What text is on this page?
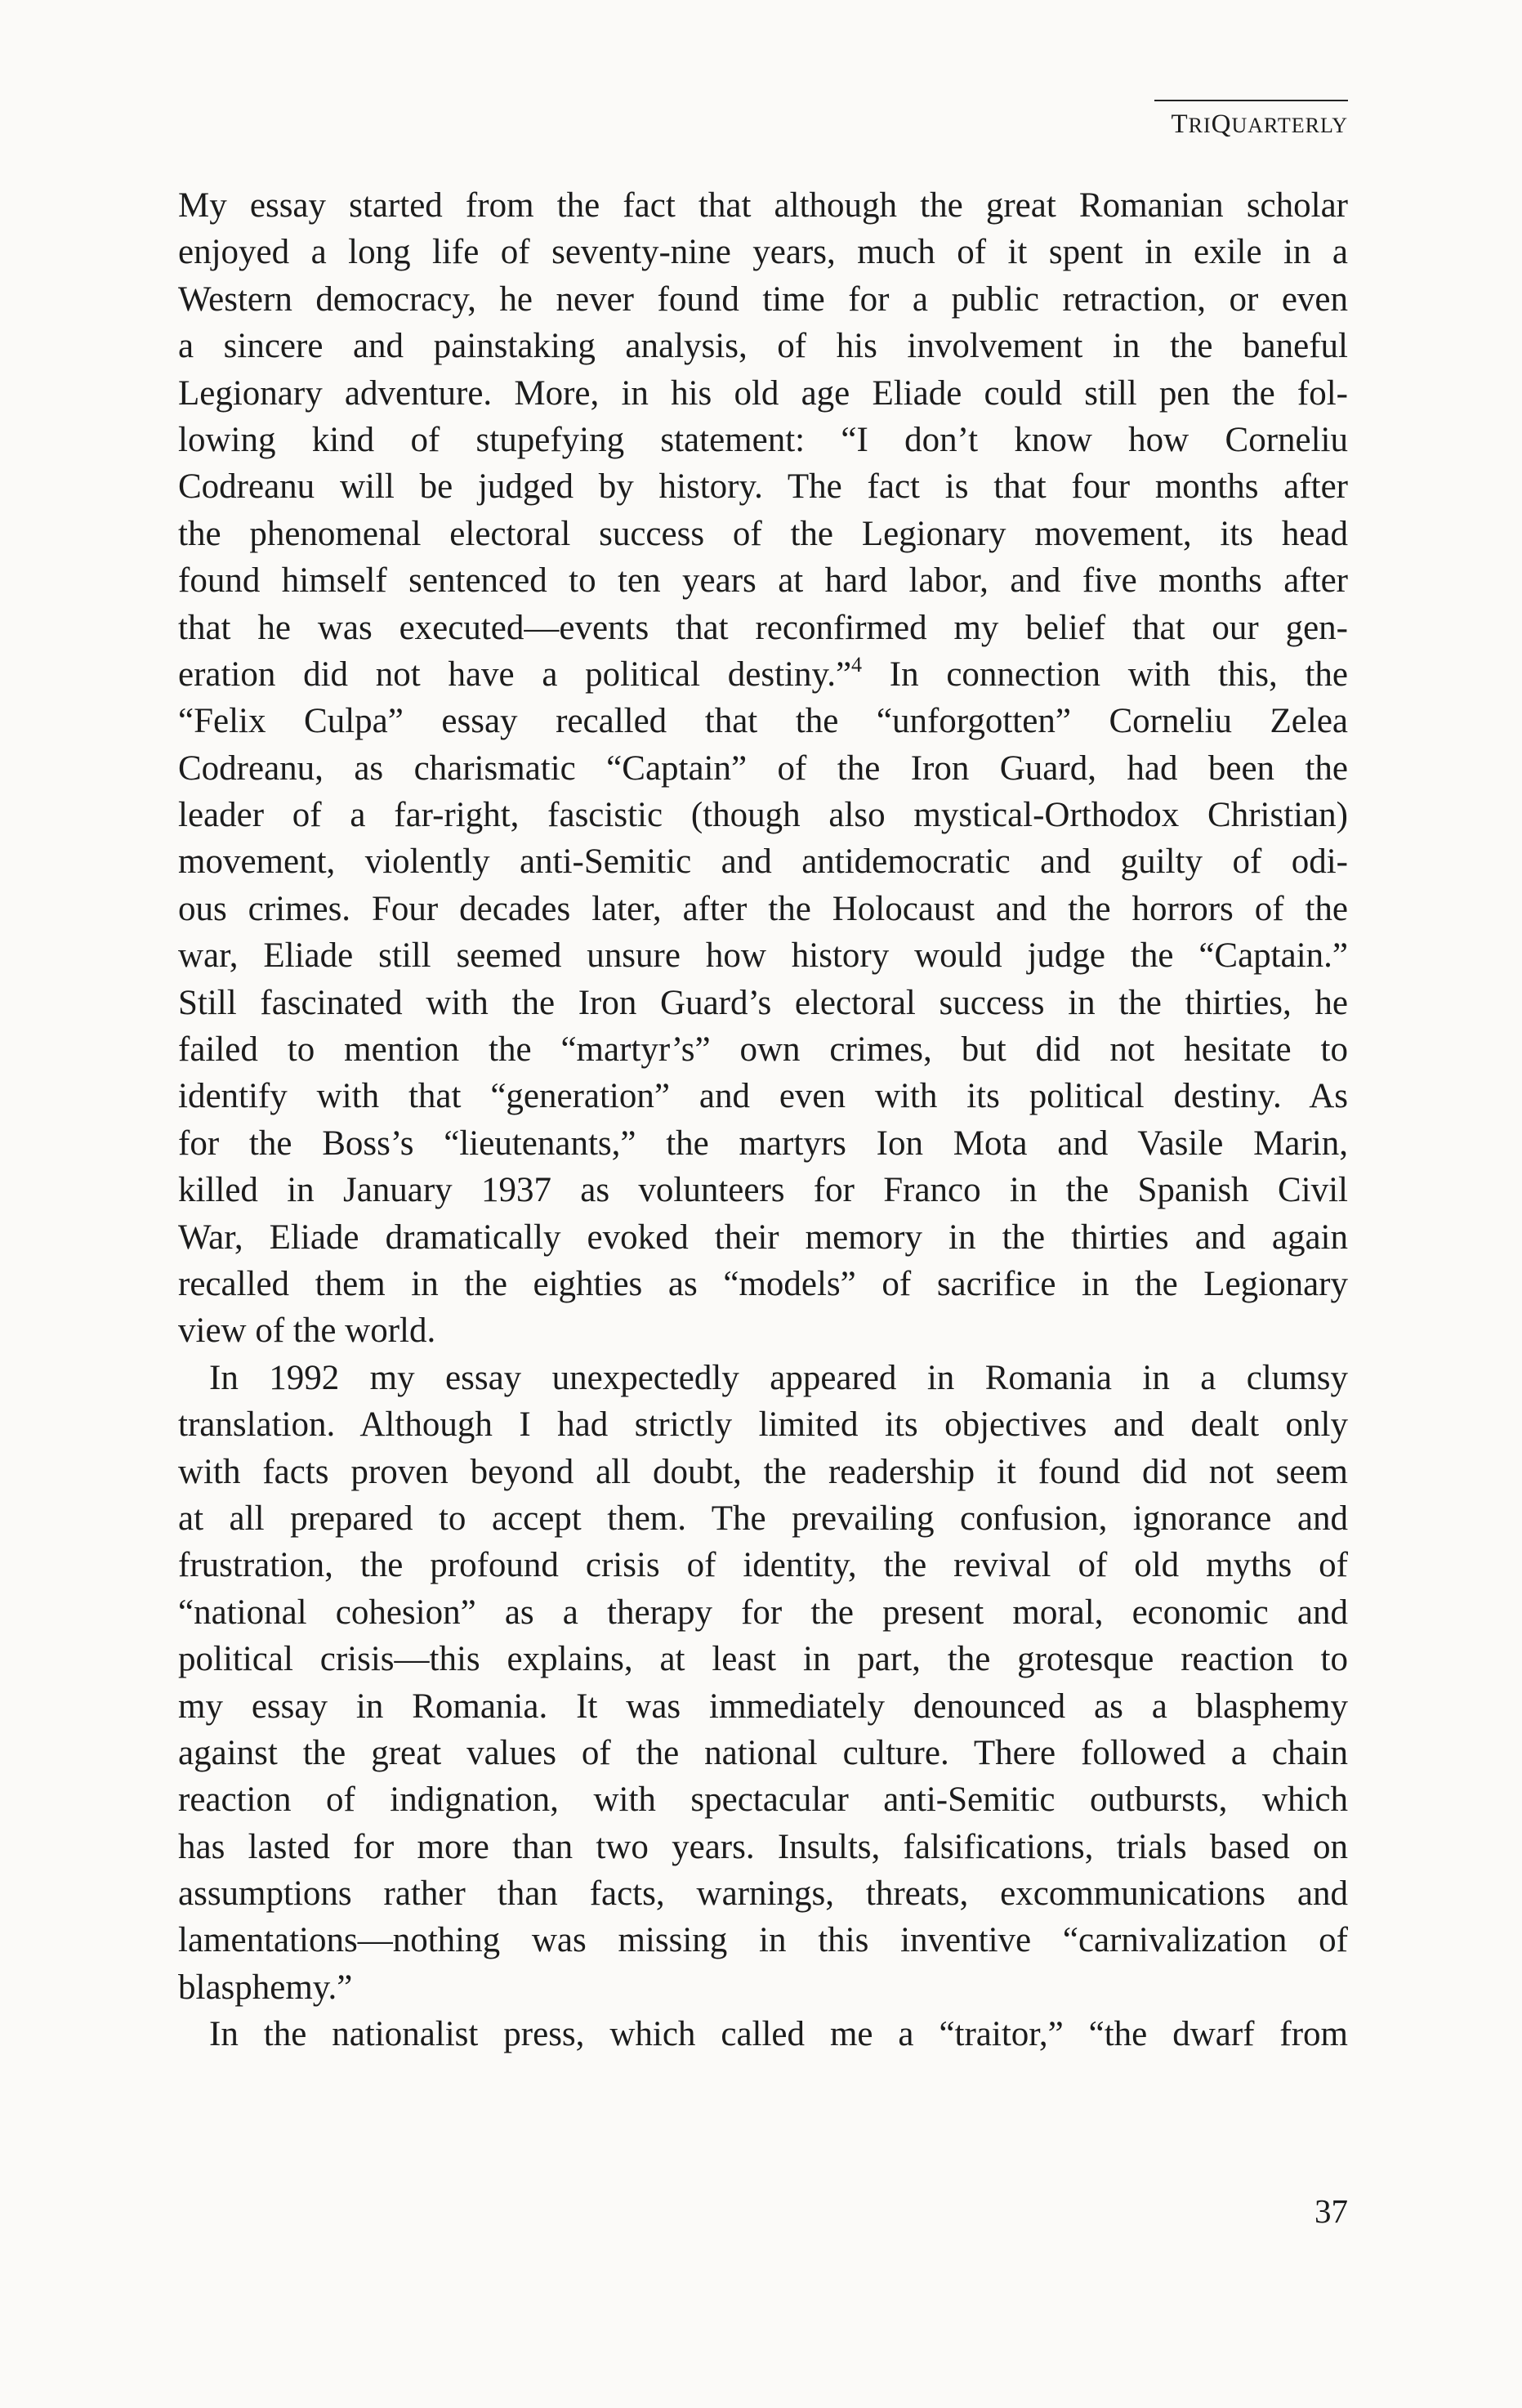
TRIQUARTERLY
My essay started from the fact that although the great Romanian scholar
enjoyed a long life of seventy-nine years, much of it spent in exile in a
Western democracy, he never found time for a public retraction, or even
a sincere and painstaking analysis, of his involvement in the baneful
Legionary adventure. More, in his old age Eliade could still pen the fol-
lowing kind of stupefying statement: “I don’t know how Corneliu
Codreanu will be judged by history. The fact is that four months after
the phenomenal electoral success of the Legionary movement, its head
found himself sentenced to ten years at hard labor, and five months after
that he was executed—events that reconfirmed my belief that our gen-
eration did not have a political destiny.”4 In connection with this, the
“Felix Culpa” essay recalled that the “unforgotten” Corneliu Zelea
Codreanu, as charismatic “Captain” of the Iron Guard, had been the
leader of a far-right, fascistic (though also mystical-Orthodox Christian)
movement, violently anti-Semitic and antidemocratic and guilty of odi-
ous crimes. Four decades later, after the Holocaust and the horrors of the
war, Eliade still seemed unsure how history would judge the “Captain.”
Still fascinated with the Iron Guard’s electoral success in the thirties, he
failed to mention the “martyr’s” own crimes, but did not hesitate to
identify with that “generation” and even with its political destiny. As
for the Boss’s “lieutenants,” the martyrs Ion Mota and Vasile Marin,
killed in January 1937 as volunteers for Franco in the Spanish Civil
War, Eliade dramatically evoked their memory in the thirties and again
recalled them in the eighties as “models” of sacrifice in the Legionary
view of the world.
In 1992 my essay unexpectedly appeared in Romania in a clumsy
translation. Although I had strictly limited its objectives and dealt only
with facts proven beyond all doubt, the readership it found did not seem
at all prepared to accept them. The prevailing confusion, ignorance and
frustration, the profound crisis of identity, the revival of old myths of
“national cohesion” as a therapy for the present moral, economic and
political crisis—this explains, at least in part, the grotesque reaction to
my essay in Romania. It was immediately denounced as a blasphemy
against the great values of the national culture. There followed a chain
reaction of indignation, with spectacular anti-Semitic outbursts, which
has lasted for more than two years. Insults, falsifications, trials based on
assumptions rather than facts, warnings, threats, excommunications and
lamentations—nothing was missing in this inventive “carnivalization of
blasphemy.”
In the nationalist press, which called me a “traitor,” “the dwarf from
37
